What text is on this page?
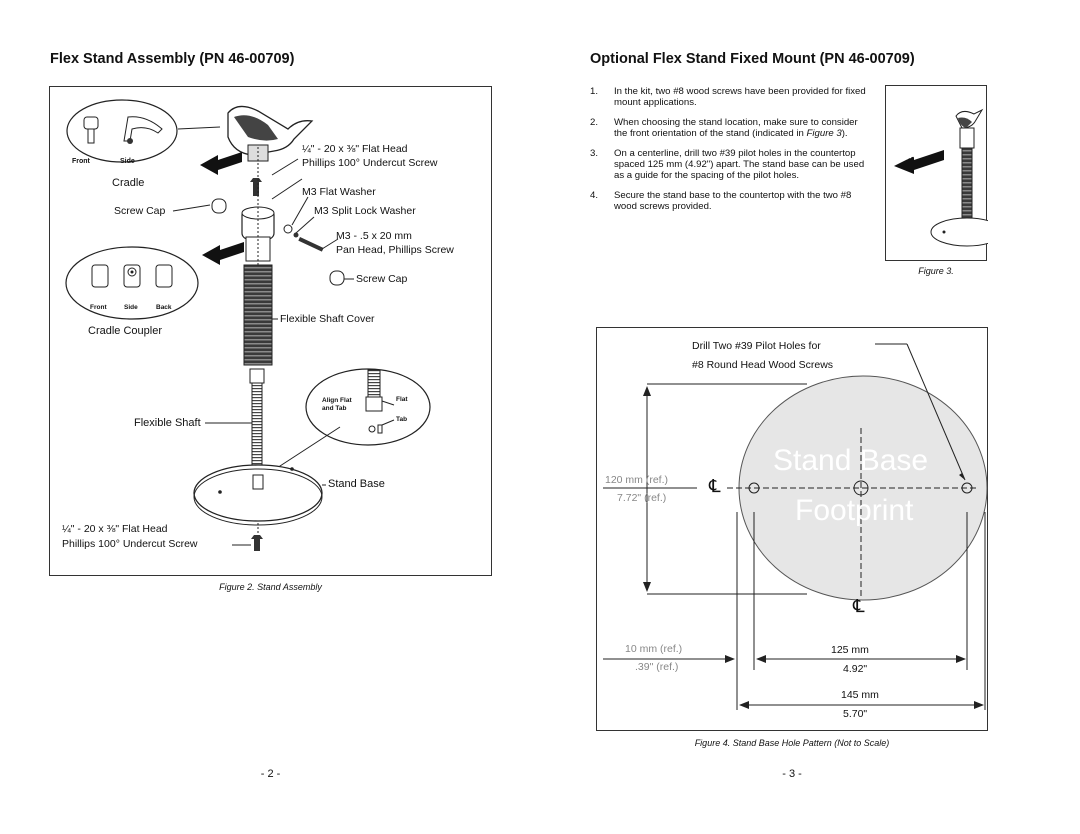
Flex Stand Assembly (PN 46-00709)
Front	Side
Cradle
¼" - 20 x ⅜" Flat Head
Phillips 100° Undercut Screw
M3 Flat Washer
Screw Cap	M3 Split Lock Washer
M3 - .5 x 20 mm
Pan Head, Phillips Screw
Screw Cap
Front	Side	Back
Cradle Coupler
Flexible Shaft Cover
Align Flat
and Tab
Flat
Tab
Flexible Shaft
Stand Base
¼" - 20 x ⅜" Flat Head
Phillips 100° Undercut Screw
Figure 2. Stand Assembly
- 2 -
Optional Flex Stand Fixed Mount (PN 46-00709)
1. In the kit, two #8 wood screws have been provided for fixed mount applications.
2. When choosing the stand location, make sure to consider the front orientation of the stand (indicated in Figure 3).
3. On a centerline, drill two #39 pilot holes in the countertop spaced 125 mm (4.92") apart. The stand base can be used as a guide for the spacing of the pilot holes.
4. Secure the stand base to the countertop with the two #8 wood screws provided.
FRONT
Figure 3.
Drill Two #39 Pilot Holes for
#8 Round Head Wood Screws
Stand Base
Footprint
120 mm (ref.)
7.72" (ref.)
℄
℄
10 mm (ref.)
.39" (ref.)
125 mm
4.92"
145 mm
5.70"
Figure 4. Stand Base Hole Pattern (Not to Scale)
- 3 -
